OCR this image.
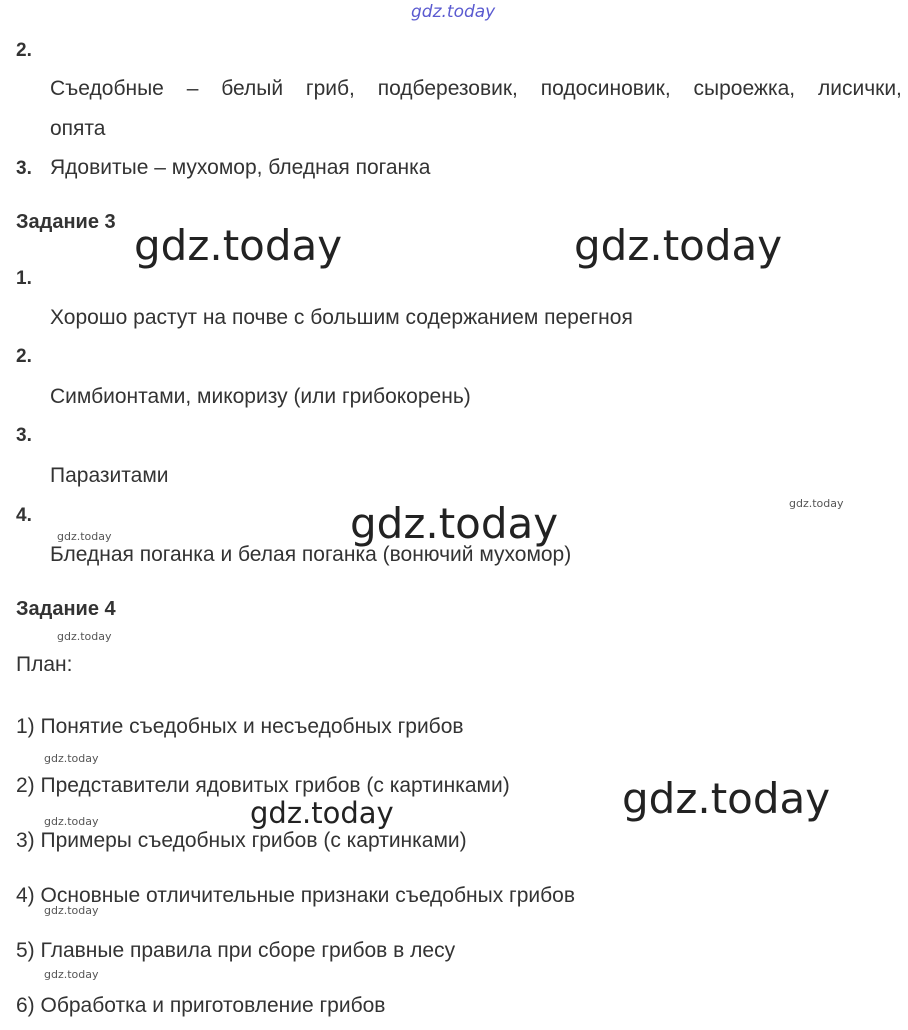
gdz.today
2.
Съедобные – белый гриб, подберезовик, подосиновик, сыроежка, лисички,
опята
3. Ядовитые – мухомор, бледная поганка
Задание 3 gdz.today	gdz.today
1.
Хорошо растут на почве с большим содержанием перегноя
2.
Симбионтами, микоризу (или грибокорень)
3.
Паразитами
gdz.today
4.	gdz.today
gdz.today
Бледная поганка и белая поганка (вонючий мухомор)
Задание 4
gdz.today
План:
1) Понятие съедобных и несъедобных грибов
gdz.today
2) Представители ядовитых грибов (с картинками)	gdz.today
gdz.today	gdz.today
3) Примеры съедобных грибов (с картинками)
4) Основные отличительные признаки съедобных грибов
gdz.today
5) Главные правила при сборе грибов в лесу
gdz.today
6) Обработка и приготовление грибов
